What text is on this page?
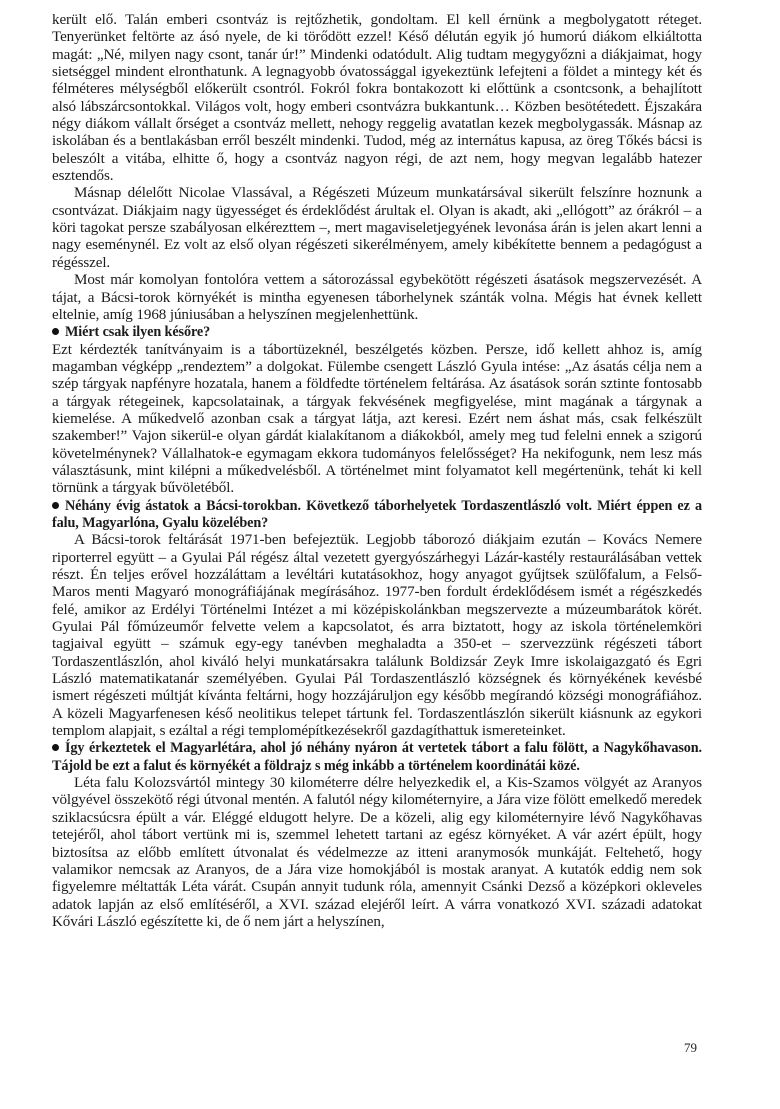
került elő. Talán emberi csontváz is rejtőzhetik, gondoltam. El kell érnünk a megbolygatott réteget. Tenyerünket feltörte az ásó nyele, de ki törődött ezzel! Késő délután egyik jó humorú diákom elkiáltotta magát: „Né, milyen nagy csont, tanár úr!” Mindenki odatódult. Alig tudtam megygyőzni a diákjaimat, hogy sietséggel mindent elronthatunk. A legnagyobb óvatossággal igyekeztünk lefejteni a földet a mintegy két és félméteres mélységből előkerült csontról. Fokról fokra bontakozott ki előttünk a csontcsonk, a behajlított alsó lábszárcsontokkal. Világos volt, hogy emberi csontvázra bukkantunk… Közben besötétedett. Éjszakára négy diákom vállalt őrséget a csontváz mellett, nehogy reggelig avatatlan kezek megbolygassák. Másnap az iskolában és a bentlakásban erről beszélt mindenki. Tudod, még az internátus kapusa, az öreg Tőkés bácsi is beleszólt a vitába, elhitte ő, hogy a csontváz nagyon régi, de azt nem, hogy megvan legalább hatezer esztendős.

Másnap délelőtt Nicolae Vlassával, a Régészeti Múzeum munkatársával sikerült felszínre hoznunk a csontvázat. Diákjaim nagy ügyességet és érdeklődést árultak el. Olyan is akadt, aki „ellógott” az órákról – a köri tagokat persze szabályosan elkérezttem –, mert magaviseletjegyének levonása árán is jelen akart lenni a nagy eseménynél. Ez volt az első olyan régészeti sikerélményem, amely kibékítette bennem a pedagógust a régésszel.

Most már komolyan fontolóra vettem a sátorozással egybekötött régészeti ásatások megszervezését. A tájat, a Bácsi-torok környékét is mintha egyenesen táborhelynek szánták volna. Mégis hat évnek kellett eltelnie, amíg 1968 júniusában a helyszínen megjelenhettünk.

Miért csak ilyen későre?

Ezt kérdezték tanítványaim is a tábortüzeknél, beszélgetés közben. Persze, idő kellett ahhoz is, amíg magamban végképp „rendeztem” a dolgokat. Fülembe csengett László Gyula intése: „Az ásatás célja nem a szép tárgyak napfényre hozatala, hanem a földfedte történelem feltárása. Az ásatások során sztinte fontosabb a tárgyak rétegeinek, kapcsolatainak, a tárgyak fekvésének megfigyelése, mint magának a tárgynak a kiemelése. A műkedvelő azonban csak a tárgyat látja, azt keresi. Ezért nem áshat más, csak felkészült szakember!” Vajon sikerül-e olyan gárdát kialakítanom a diákokból, amely meg tud felelni ennek a szigorú követelménynek? Vállalhatok-e egymagam ekkora tudományos felelősséget? Ha nekifogunk, nem lesz más választásunk, mint kilépni a műkedvelésből. A történelmet mint folyamatot kell megértenünk, tehát ki kell törnünk a tárgyak bűvöletéből.

Néhány évig ástatok a Bácsi-torokban. Következő táborhelyetek Tordaszentlászló volt. Miért éppen ez a falu, Magyarlóna, Gyalu közelében?

A Bácsi-torok feltárását 1971-ben befejeztük. Legjobb táborozó diákjaim ezután – Kovács Nemere riporterrel együtt – a Gyulai Pál régész által vezetett gyergyószárhegyi Lázár-kastély restaurálásában vettek részt. Én teljes erővel hozzáláttam a levéltári kutatásokhoz, hogy anyagot gyűjtsek szülőfalum, a Felső-Maros menti Magyaró monográfiájának megírásához. 1977-ben fordult érdeklődésem ismét a régészkedés felé, amikor az Erdélyi Történelmi Intézet a mi középiskolánkban megszervezte a múzeumbarátok körét. Gyulai Pál főmúzeumőr felvette velem a kapcsolatot, és arra biztatott, hogy az iskola történelemköri tagjaival együtt – számuk egy-egy tanévben meghaladta a 350-et – szervezzünk régészeti tábort Tordaszentlászlón, ahol kiváló helyi munkatársakra találunk Boldizsár Zeyk Imre iskolaigazgató és Egri László matematikatanár személyében. Gyulai Pál Tordaszentlászló községnek és környékének kevésbé ismert régészeti múltját kívánta feltárni, hogy hozzájáruljon egy később megírandó községi monográfiához. A közeli Magyarfenesen késő neolitikus telepet tártunk fel. Tordaszentlászlón sikerült kiásnunk az egykori templom alapjait, s ezáltal a régi templomépítkezésekről gazdagíthattuk ismereteinket.

Így érkeztetek el Magyarlétára, ahol jó néhány nyáron át vertetek tábort a falu fölött, a Nagykőhavason. Tájold be ezt a falut és környékét a földrajz s még inkább a történelem koordinátái közé.

Léta falu Kolozsvártól mintegy 30 kilométerre délre helyezkedik el, a Kis-Szamos völgyét az Aranyos völgyével összekötő régi útvonal mentén. A falutól négy kilométernyire, a Jára vize fölött emelkedő meredek sziklacsúcsra épült a vár. Eléggé eldugott helyre. De a közeli, alig egy kilométernyire lévő Nagykőhavas tetejéről, ahol tábort vertünk mi is, szemmel lehetett tartani az egész környéket. A vár azért épült, hogy biztosítsa az előbb említett útvonalat és védelmezze az itteni aranymosók munkáját. Feltehető, hogy valamikor nemcsak az Aranyos, de a Jára vize homokjából is mostak aranyat. A kutatók eddig nem sok figyelemre méltatták Léta várát. Csupán annyit tudunk róla, amennyit Csánki Dezső a középkori okleveles adatok lapján az első említéséről, a XVI. század elejéről leírt. A várra vonatkozó XVI. századi adatokat Kővári László egészítette ki, de ő nem járt a helyszínen,

79
